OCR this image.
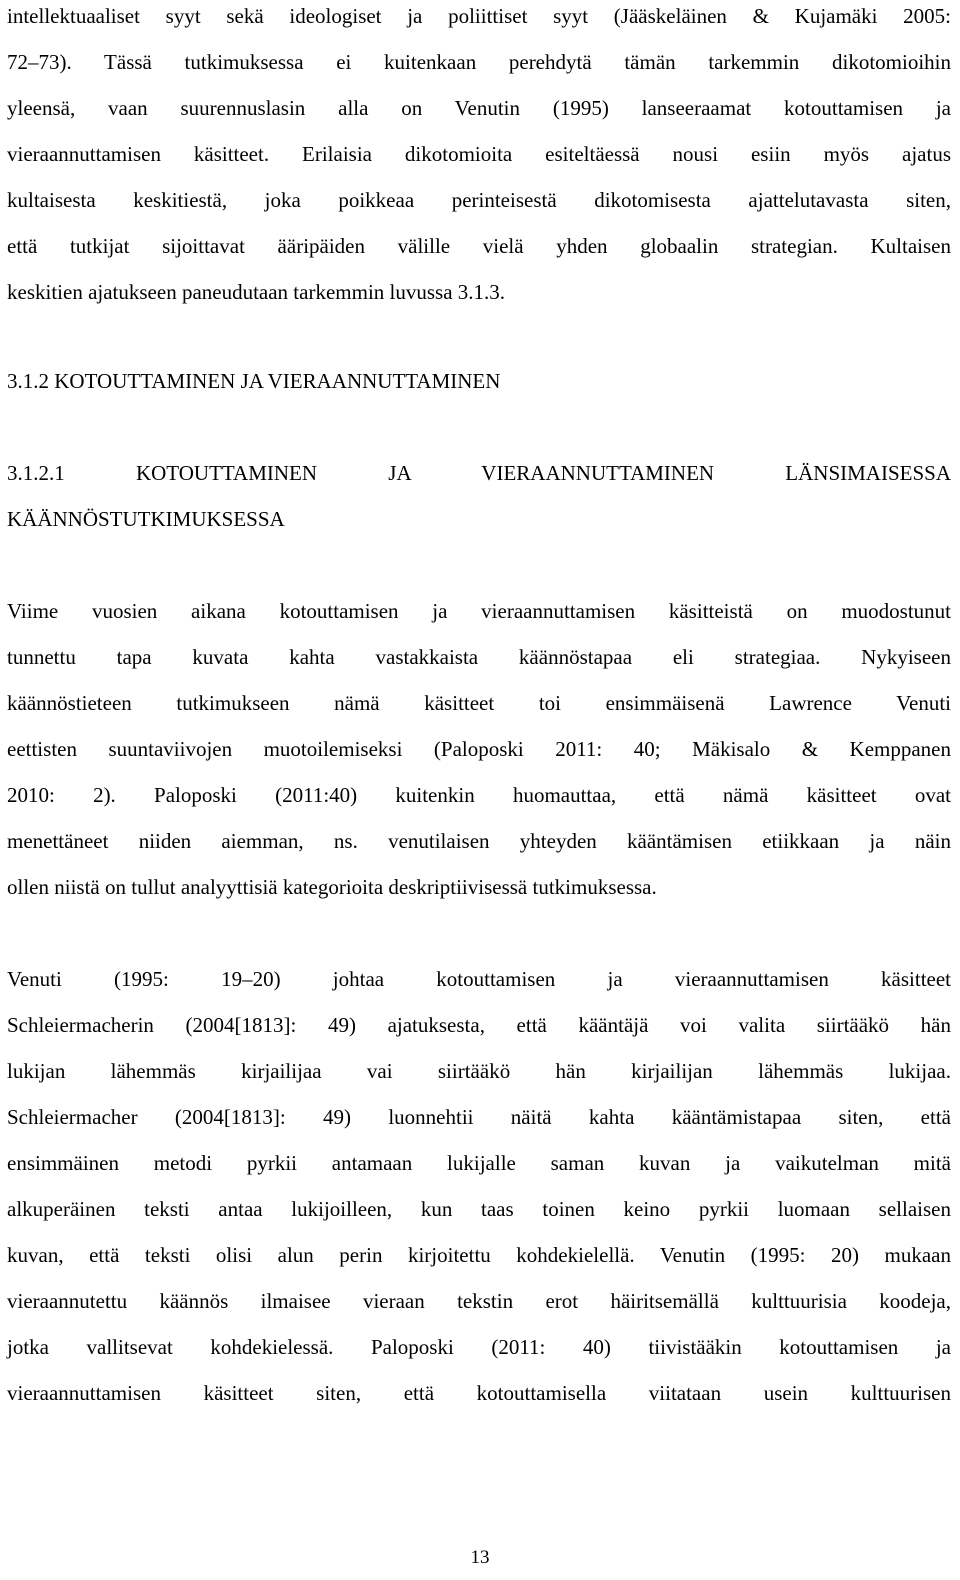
intellektuaaliset syyt sekä ideologiset ja poliittiset syyt (Jääskeläinen & Kujamäki 2005:
72–73). Tässä tutkimuksessa ei kuitenkaan perehdytä tämän tarkemmin dikotomioihin
yleensä, vaan suurennuslasin alla on Venutin (1995) lanseeraamat kotouttamisen ja
vieraannuttamisen käsitteet. Erilaisia dikotomioita esiteltäessä nousi esiin myös ajatus
kultaisesta keskitiestä, joka poikkeaa perinteisestä dikotomisesta ajattelutavasta siten,
että tutkijat sijoittavat ääripäiden välille vielä yhden globaalin strategian. Kultaisen
keskitien ajatukseen paneudutaan tarkemmin luvussa 3.1.3.
3.1.2 KOTOUTTAMINEN JA VIERAANNUTTAMINEN
3.1.2.1 KOTOUTTAMINEN JA VIERAANNUTTAMINEN LÄNSIMAISESSA
KÄÄNNÖSTUTKIMUKSESSA
Viime vuosien aikana kotouttamisen ja vieraannuttamisen käsitteistä on muodostunut
tunnettu tapa kuvata kahta vastakkaista käännöstapaa eli strategiaa. Nykyiseen
käännöstieteen tutkimukseen nämä käsitteet toi ensimmäisenä Lawrence Venuti
eettisten suuntaviivojen muotoilemiseksi (Paloposki 2011: 40; Mäkisalo & Kemppanen
2010: 2). Paloposki (2011:40) kuitenkin huomauttaa, että nämä käsitteet ovat
menettäneet niiden aiemman, ns. venutilaisen yhteyden kääntämisen etiikkaan ja näin
ollen niistä on tullut analyyttisiä kategorioita deskriptiivisessä tutkimuksessa.
Venuti (1995: 19–20) johtaa kotouttamisen ja vieraannuttamisen käsitteet
Schleiermacherin (2004[1813]: 49) ajatuksesta, että kääntäjä voi valita siirtääkö hän
lukijan lähemmäs kirjailijaa vai siirtääkö hän kirjailijan lähemmäs lukijaa.
Schleiermacher (2004[1813]: 49) luonnehtii näitä kahta kääntämistapaa siten, että
ensimmäinen metodi pyrkii antamaan lukijalle saman kuvan ja vaikutelman mitä
alkuperäinen teksti antaa lukijoilleen, kun taas toinen keino pyrkii luomaan sellaisen
kuvan, että teksti olisi alun perin kirjoitettu kohdekielellä. Venutin (1995: 20) mukaan
vieraannutettu käännös ilmaisee vieraan tekstin erot häiritsemällä kulttuurisia koodeja,
jotka vallitsevat kohdekielessä. Paloposki (2011: 40) tiivistääkin kotouttamisen ja
vieraannuttamisen käsitteet siten, että kotouttamisella viitataan usein kulttuurisen
13
